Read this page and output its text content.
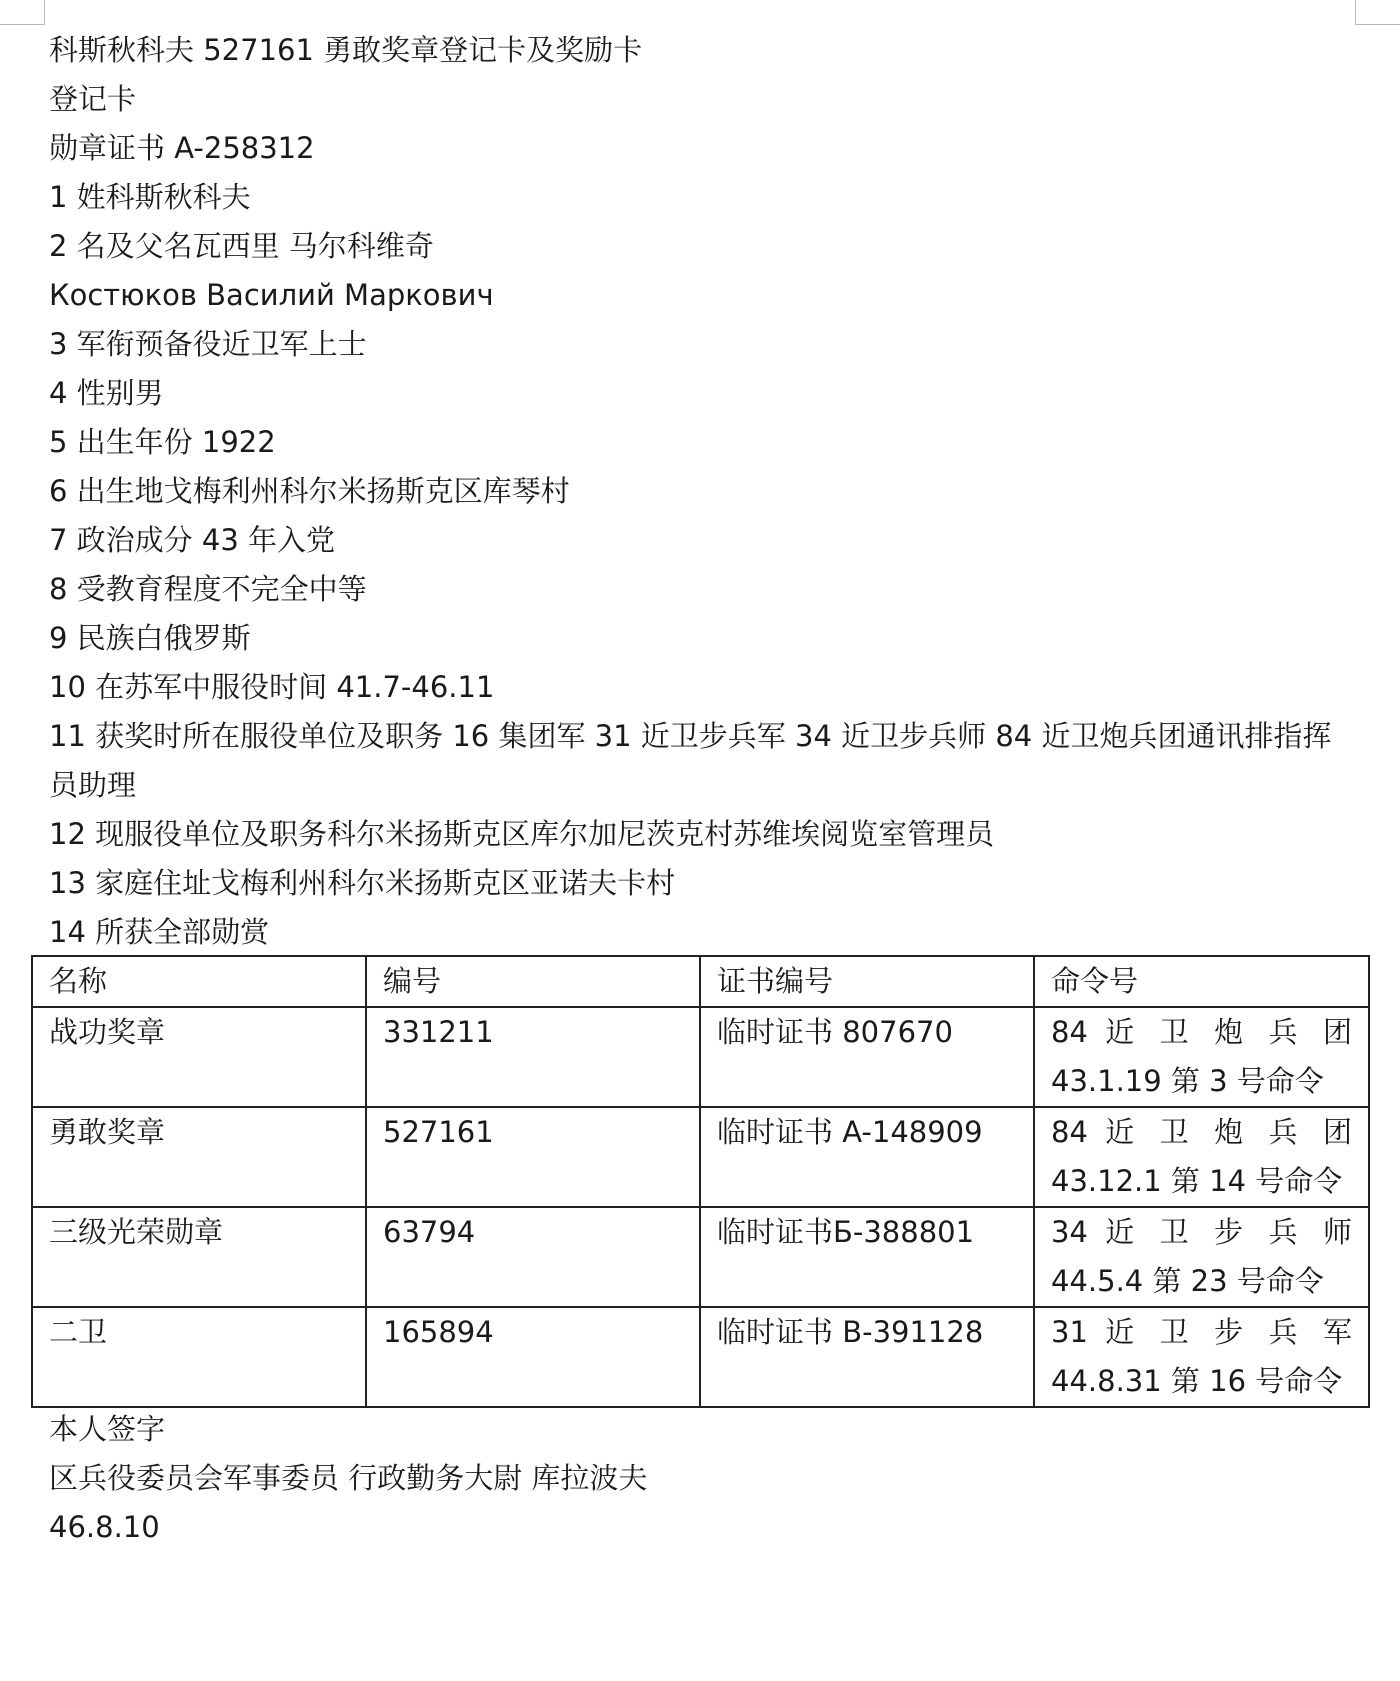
科斯秋科夫 527161 勇敢奖章登记卡及奖励卡
登记卡
勋章证书 A-258312
1 姓科斯秋科夫
2 名及父名瓦西里 马尔科维奇
Костюков Василий Маркович
3 军衔预备役近卫军上士
4 性别男
5 出生年份 1922
6 出生地戈梅利州科尔米扬斯克区库琴村
7 政治成分 43 年入党
8 受教育程度不完全中等
9 民族白俄罗斯
10 在苏军中服役时间 41.7-46.11
11 获奖时所在服役单位及职务 16 集团军 31 近卫步兵军 34 近卫步兵师 84 近卫炮兵团通讯排指挥员助理
12 现服役单位及职务科尔米扬斯克区库尔加尼茨克村苏维埃阅览室管理员
13 家庭住址戈梅利州科尔米扬斯克区亚诺夫卡村
14 所获全部勋赏
名称	编号	证书编号	命令号
战功奖章	331211	临时证书 807670	84 近 卫 炮 兵 团
43.1.19 第 3 号命令

勇敢奖章	527161	临时证书 A-148909	84 近 卫 炮 兵 团
43.12.1 第 14 号命令

三级光荣勋章	63794	临时证书Б-388801	34 近 卫 步 兵 师
44.5.4 第 23 号命令

二卫	165894	临时证书 B-391128	31 近 卫 步 兵 军
44.8.31 第 16 号命令
本人签字
区兵役委员会军事委员 行政勤务大尉 库拉波夫
46.8.10
